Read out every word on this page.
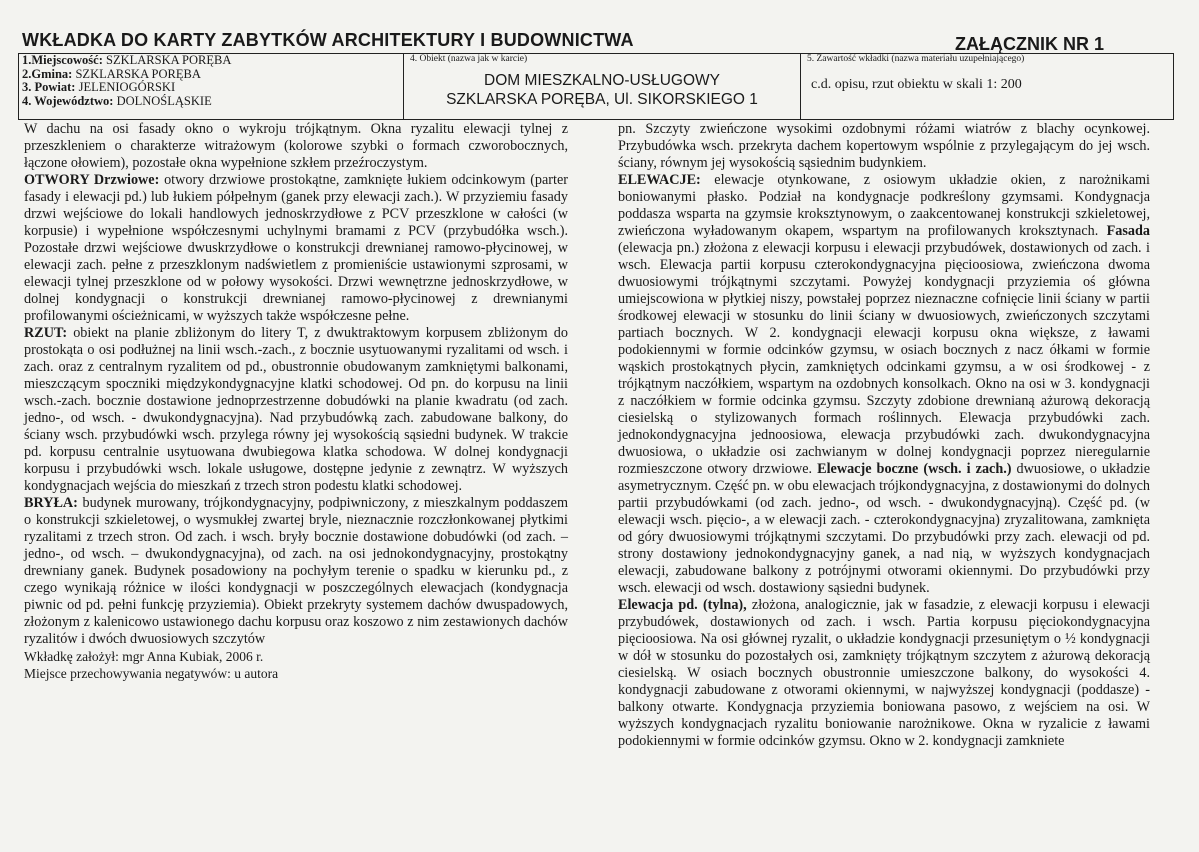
WKŁADKA DO KARTY ZABYTKÓW ARCHITEKTURY I BUDOWNICTWA	ZAŁĄCZNIK NR 1
1.Miejscowość: SZKLARSKA PORĘBA
2.Gmina: SZKLARSKA PORĘBA
3. Powiat: JELENIOGÓRSKI
4. Województwo: DOLNOŚLĄSKIE
4. Obiekt (nazwa jak w karcie)
DOM MIESZKALNO-USŁUGOWY
SZKLARSKA PORĘBA, Ul. SIKORSKIEGO 1
5. Zawartość wkładki (nazwa materiału uzupełniającego)
c.d. opisu, rzut obiektu w skali 1: 200

W dachu na osi fasady okno o wykroju trójkątnym. Okna ryzalitu elewacji tylnej z przeszkleniem o charakterze witrażowym (kolorowe szybki o formach czworobocznych, łączone ołowiem), pozostałe okna wypełnione szkłem przeźroczystym.

OTWORY Drzwiowe: otwory drzwiowe prostokątne, zamknięte łukiem odcinkowym (parter fasady i elewacji pd.) lub łukiem półpełnym (ganek przy elewacji zach.). W przyziemiu fasady drzwi wejściowe do lokali handlowych jednoskrzydłowe z PCV przeszklone w całości (w korpusie) i wypełnione współczesnymi uchylnymi bramami z PCV (przybudółka wsch.). Pozostałe drzwi wejściowe dwuskrzydłowe o konstrukcji drewnianej ramowo-płycinowej, w elewacji zach. pełne z przeszklonym nadświetlem z promieniście ustawionymi szprosami, w elewacji tylnej przeszklone od w połowy wysokości. Drzwi wewnętrzne jednoskrzydłowe, w dolnej kondygnacji o konstrukcji drewnianej ramowo-płycinowej z drewnianymi profilowanymi ościeżnicami, w wyższych także współczesne pełne.

RZUT: obiekt na planie zbliżonym do litery T, z dwuktraktowym korpusem zbliżonym do prostokąta o osi podłużnej na linii wsch.-zach., z bocznie usytuowanymi ryzalitami od wsch. i zach. oraz z centralnym ryzalitem od pd., obustronnie obudowanym zamkniętymi balkonami, mieszczącym spoczniki międzykondygnacyjne klatki schodowej. Od pn. do korpusu na linii wsch.-zach. bocznie dostawione jednoprzestrzenne dobudówki na planie kwadratu (od zach. jedno-, od wsch. - dwukondygnacyjna). Nad przybudówką zach. zabudowane balkony, do ściany wsch. przybudówki wsch. przylega równy jej wysokością sąsiedni budynek. W trakcie pd. korpusu centralnie usytuowana dwubiegowa klatka schodowa. W dolnej kondygnacji korpusu i przybudówki wsch. lokale usługowe, dostępne jedynie z zewnątrz. W wyższych kondygnacjach wejścia do mieszkań z trzech stron podestu klatki schodowej.

BRYŁA: budynek murowany, trójkondygnacyjny, podpiwniczony, z mieszkalnym poddaszem o konstrukcji szkieletowej, o wysmukłej zwartej bryle, nieznacznie rozczłonkowanej płytkimi ryzalitami z trzech stron. Od zach. i wsch. bryły bocznie dostawione dobudówki (od zach. – jedno-, od wsch. – dwukondygnacyjna), od zach. na osi jednokondygnacyjny, prostokątny drewniany ganek. Budynek posadowiony na pochyłym terenie o spadku w kierunku pd., z czego wynikają różnice w ilości kondygnacji w poszczególnych elewacjach (kondygnacja piwnic od pd. pełni funkcję przyziemia). Obiekt przekryty systemem dachów dwuspadowych, złożonym z kalenicowo ustawionego dachu korpusu oraz koszowo z nim zestawionych dachów ryzalitów i dwóch dwuosiowych szczytów

Wkładkę założył: mgr Anna Kubiak, 2006 r.

Miejsce przechowywania negatywów: u autora

pn. Szczyty zwieńczone wysokimi ozdobnymi różami wiatrów z blachy ocynkowej. Przybudówka wsch. przekryta dachem kopertowym wspólnie z przylegającym do jej wsch. ściany, równym jej wysokością sąsiednim budynkiem.

ELEWACJE: elewacje otynkowane, z osiowym układzie okien, z narożnikami boniowanymi płasko. Podział na kondygnacje podkreślony gzymsami. Kondygnacja poddasza wsparta na gzymsie kroksztynowym, o zaakcentowanej konstrukcji szkieletowej, zwieńczona wyładowanym okapem, wspartym na profilowanych kroksztynach. Fasada (elewacja pn.) złożona z elewacji korpusu i elewacji przybudówek, dostawionych od zach. i wsch. Elewacja partii korpusu czterokondygnacyjna pięcioosiowa, zwieńczona dwoma dwuosiowymi trójkątnymi szczytami. Powyżej kondygnacji przyziemia oś główna umiejscowiona w płytkiej niszy, powstałej poprzez nieznaczne cofnięcie linii ściany w partii środkowej elewacji w stosunku do linii ściany w dwuosiowych, zwieńczonych szczytami partiach bocznych. W 2. kondygnacji elewacji korpusu okna większe, z ławami podokiennymi w formie odcinków gzymsu, w osiach bocznych z nacz ółkami w formie wąskich prostokątnych płycin, zamkniętych odcinkami gzymsu, a w osi środkowej - z trójkątnym naczółkiem, wspartym na ozdobnych konsolkach. Okno na osi w 3. kondygnacji z naczółkiem w formie odcinka gzymsu. Szczyty zdobione drewnianą ażurową dekoracją ciesielską o stylizowanych formach roślinnych. Elewacja przybudówki zach. jednokondygnacyjna jednoosiowa, elewacja przybudówki zach. dwukondygnacyjna dwuosiowa, o układzie osi zachwianym w dolnej kondygnacji poprzez nieregularnie rozmieszczone otwory drzwiowe. Elewacje boczne (wsch. i zach.) dwuosiowe, o układzie asymetrycznym. Część pn. w obu elewacjach trójkondygnacyjna, z dostawionymi do dolnych partii przybudówkami (od zach. jedno-, od wsch. - dwukondygnacyjną). Część pd. (w elewacji wsch. pięcio-, a w elewacji zach. - czterokondygnacyjna) zryzalitowana, zamknięta od góry dwuosiowymi trójkątnymi szczytami. Do przybudówki przy zach. elewacji od pd. strony dostawiony jednokondygnacyjny ganek, a nad nią, w wyższych kondygnacjach elewacji, zabudowane balkony z potrójnymi otworami okiennymi. Do przybudówki przy wsch. elewacji od wsch. dostawiony sąsiedni budynek.

Elewacja pd. (tylna), złożona, analogicznie, jak w fasadzie, z elewacji korpusu i elewacji przybudówek, dostawionych od zach. i wsch. Partia korpusu pięciokondygnacyjna pięcioosiowa. Na osi głównej ryzalit, o układzie kondygnacji przesuniętym o ½ kondygnacji w dół w stosunku do pozostałych osi, zamknięty trójkątnym szczytem z ażurową dekoracją ciesielską. W osiach bocznych obustronnie umieszczone balkony, do wysokości 4. kondygnacji zabudowane z otworami okiennymi, w najwyższej kondygnacji (poddasze) - balkony otwarte. Kondygnacja przyziemia boniowana pasowo, z wejściem na osi. W wyższych kondygnacjach ryzalitu boniowanie narożnikowe. Okna w ryzalicie z ławami podokiennymi w formie odcinków gzymsu. Okno w 2. kondygnacji zamkniete
